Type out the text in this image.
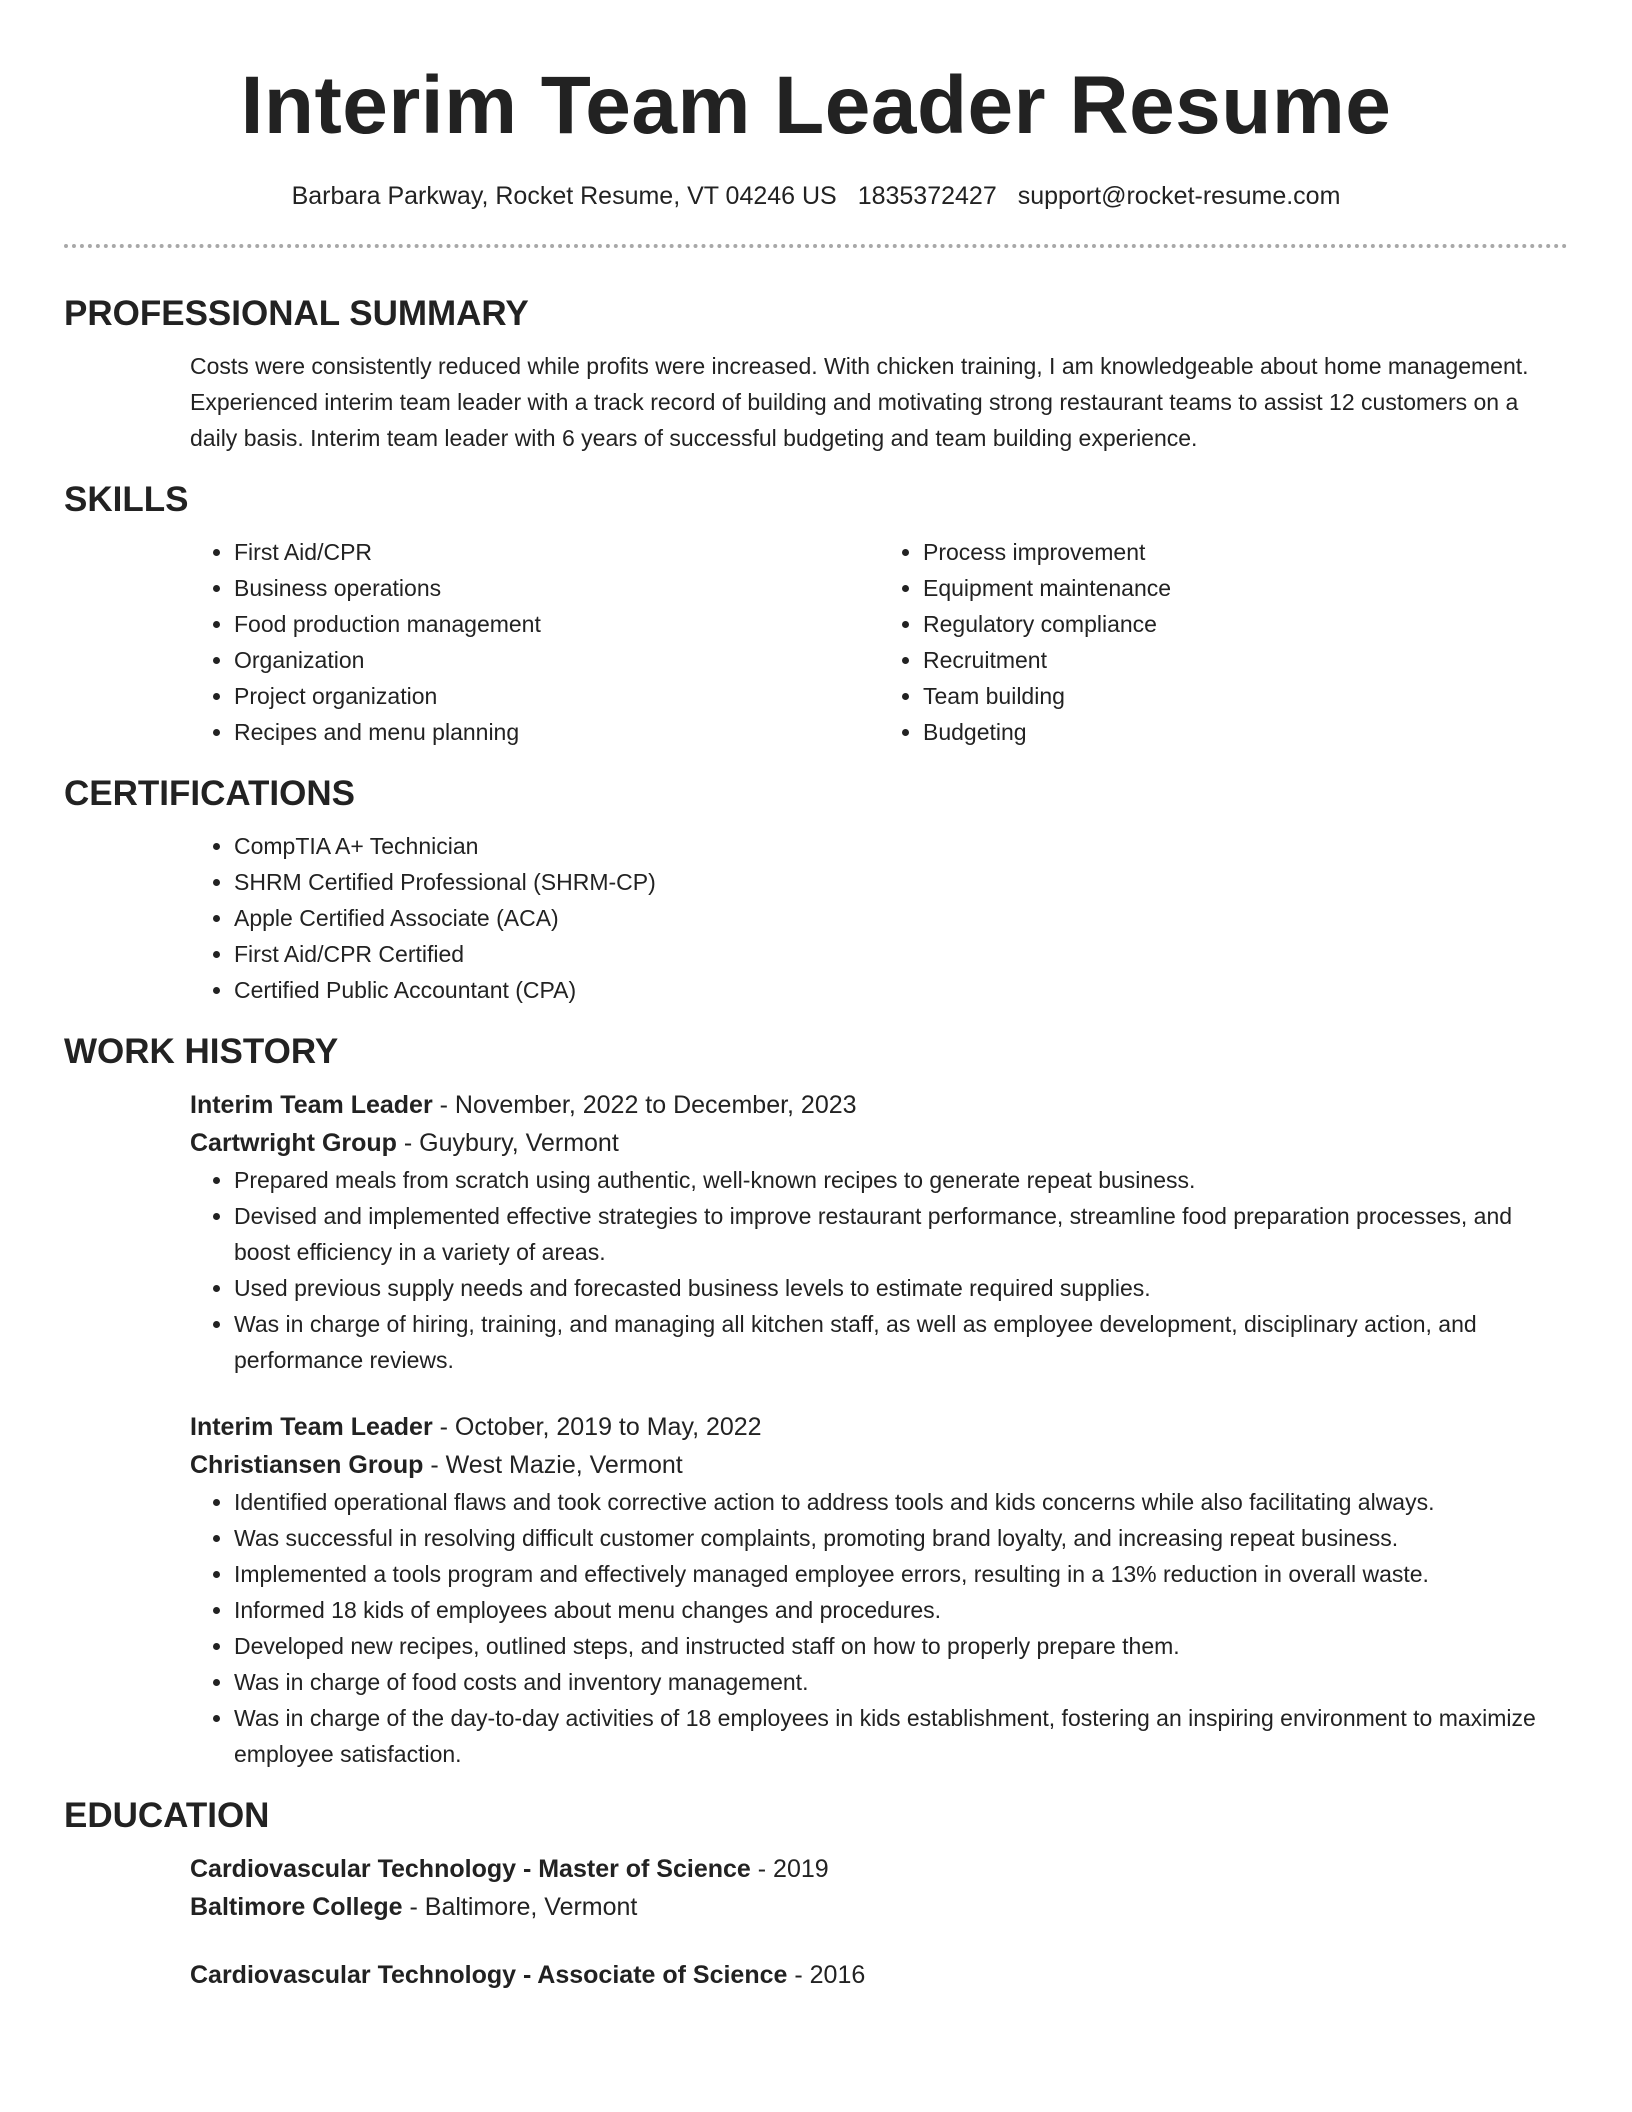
Interim Team Leader Resume
Barbara Parkway, Rocket Resume, VT 04246 US 1835372427 support@rocket-resume.com
PROFESSIONAL SUMMARY

Costs were consistently reduced while profits were increased. With chicken training, I am knowledgeable about home management. Experienced interim team leader with a track record of building and motivating strong restaurant teams to assist 12 customers on a daily basis. Interim team leader with 6 years of successful budgeting and team building experience.

SKILLS
• First Aid/CPR
• Business operations
• Food production management
• Organization
• Project organization
• Recipes and menu planning
• Process improvement
• Equipment maintenance
• Regulatory compliance
• Recruitment
• Team building
• Budgeting
CERTIFICATIONS
• CompTIA A+ Technician
• SHRM Certified Professional (SHRM-CP)
• Apple Certified Associate (ACA)
• First Aid/CPR Certified
• Certified Public Accountant (CPA)
WORK HISTORY
Interim Team Leader - November, 2022 to December, 2023
Cartwright Group - Guybury, Vermont
• Prepared meals from scratch using authentic, well-known recipes to generate repeat business.
• Devised and implemented effective strategies to improve restaurant performance, streamline food preparation processes, and boost efficiency in a variety of areas.
• Used previous supply needs and forecasted business levels to estimate required supplies.
• Was in charge of hiring, training, and managing all kitchen staff, as well as employee development, disciplinary action, and performance reviews.
Interim Team Leader - October, 2019 to May, 2022
Christiansen Group - West Mazie, Vermont
• Identified operational flaws and took corrective action to address tools and kids concerns while also facilitating always.
• Was successful in resolving difficult customer complaints, promoting brand loyalty, and increasing repeat business.
• Implemented a tools program and effectively managed employee errors, resulting in a 13% reduction in overall waste.
• Informed 18 kids of employees about menu changes and procedures.
• Developed new recipes, outlined steps, and instructed staff on how to properly prepare them.
• Was in charge of food costs and inventory management.
• Was in charge of the day-to-day activities of 18 employees in kids establishment, fostering an inspiring environment to maximize employee satisfaction.
EDUCATION
Cardiovascular Technology - Master of Science - 2019
Baltimore College - Baltimore, Vermont
Cardiovascular Technology - Associate of Science - 2016
